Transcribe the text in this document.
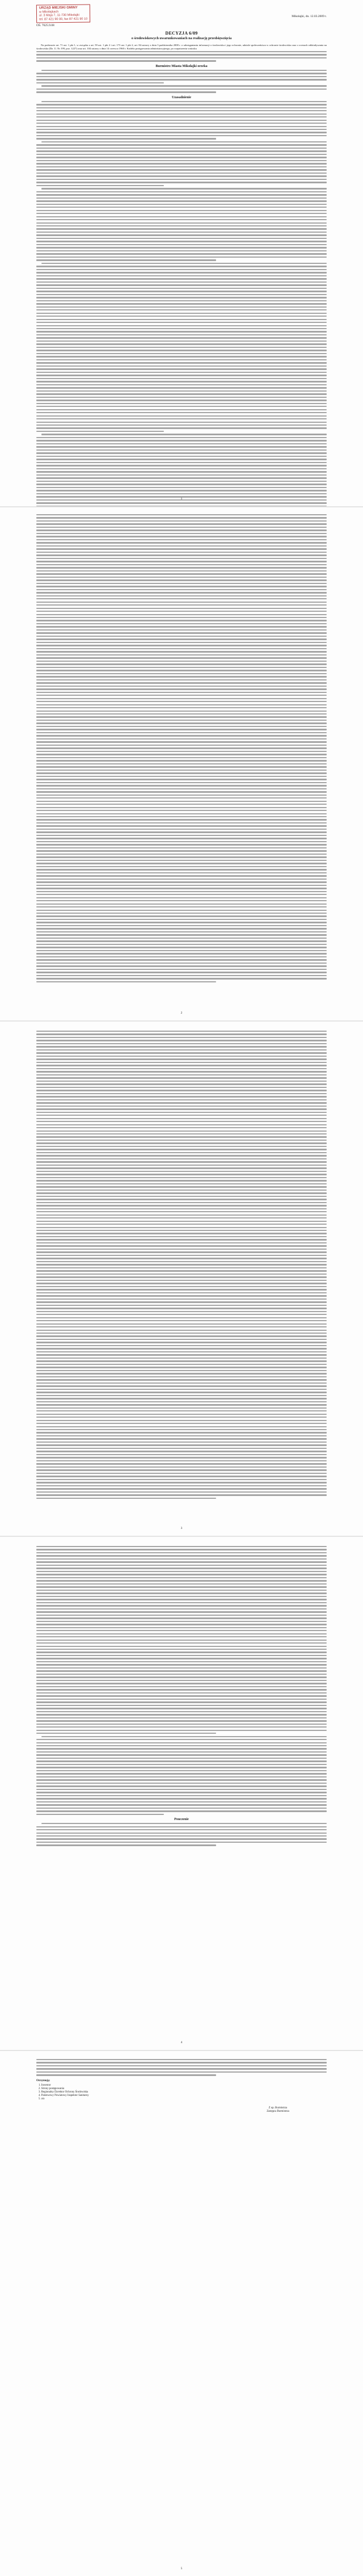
URZĄD MIEJSKI GMINY
w Mikołajkach
ul. 3 Maja 7, 11-730 Mikołajki
tel. 87 421 90 00, fax 87 421 90 10
Mikołajki, dn. 12.03.2009 r.
OŚ. 7625.9.08
DECYZJA 6/09
o środowiskowych uwarunkowaniach na realizację przedsięwzięcia

Na podstawie art. 71 ust. 1 pkt 1, w związku z art. 59 ust. 1 pkt 2 i art. 173 ust. 1 pkt 2, art. 84 ustawy z dnia 3 października 2008 r. o udostępnianiu informacji o środowisku i jego ochronie, udziale społeczeństwa w ochronie środowiska oraz o ocenach oddziaływania na środowisko (Dz. U. Nr 199, poz. 1227) oraz art. 104 ustawy z dnia 14 czerwca 1960 r. Kodeks postępowania administracyjnego, po rozpatrzeniu wniosku

Burmistrz Miasta Mikołajki orzeka
Uzasadnienie
1
2
3
Pouczenie
4
Otrzymują:
1. Inwestor
2. Strony postępowania
3. Regionalny Dyrektor Ochrony Środowiska
4. Państwowy Powiatowy Inspektor Sanitarny
5. a/a
Z up. Burmistrza
Zastępca Burmistrza
5
